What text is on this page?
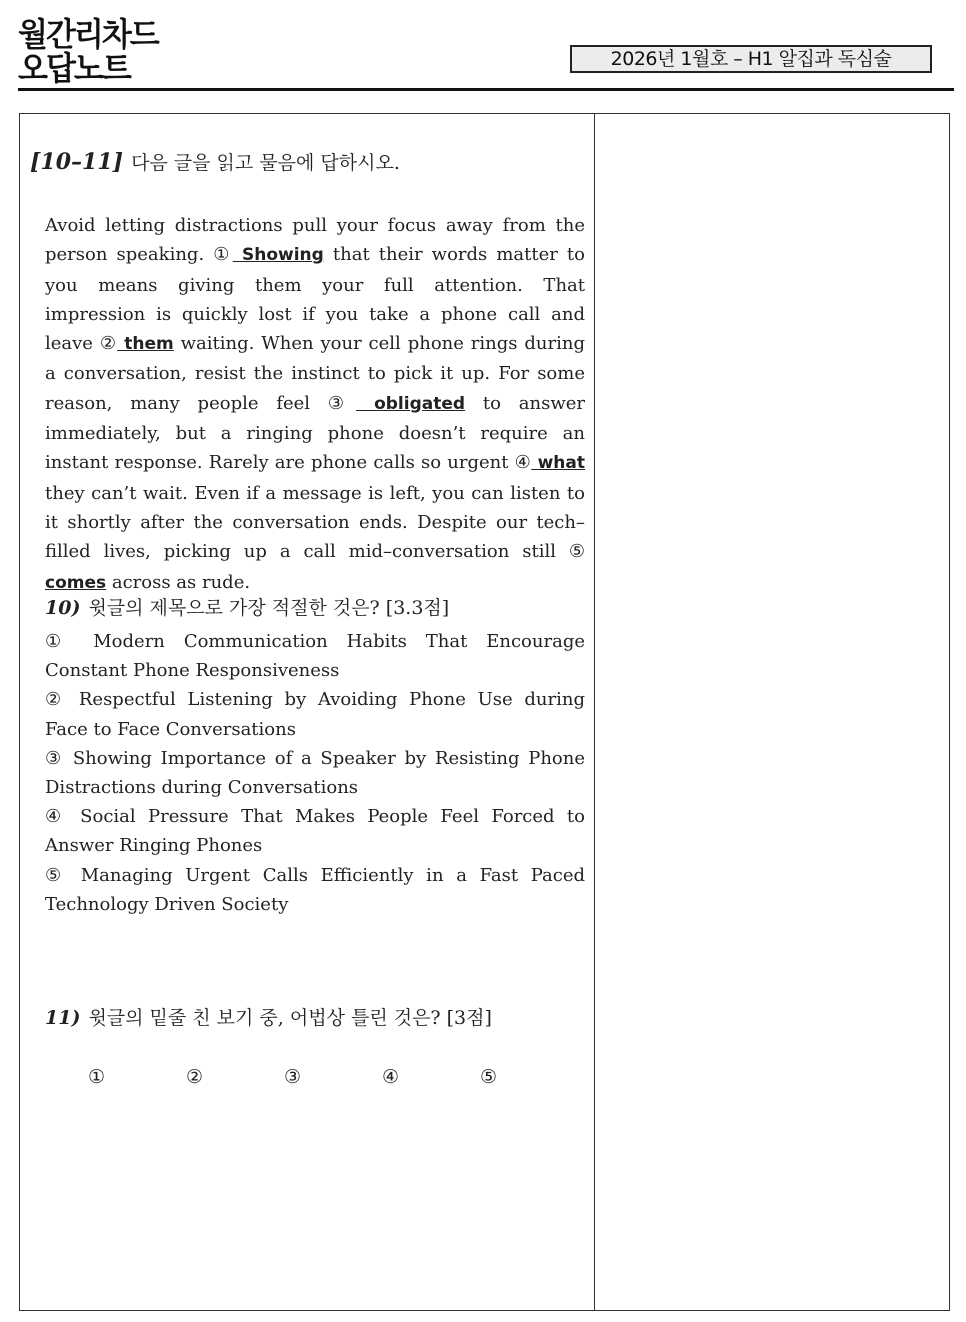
월간리차드
오답노트	2026년 1월호 – H1 알집과 독심술
[10–11] 다음 글을 읽고 물음에 답하시오.
Avoid letting distractions pull your focus away from the person speaking. ① Showing that their words matter to you means giving them your full attention. That impression is quickly lost if you take a phone call and leave ② them waiting. When your cell phone rings during a conversation, resist the instinct to pick it up. For some reason, many people feel ③ obligated to answer immediately, but a ringing phone doesn’t require an instant response. Rarely are phone calls so urgent ④ what they can’t wait. Even if a message is left, you can listen to it shortly after the conversation ends. Despite our tech–filled lives, picking up a call mid–conversation still ⑤ comes across as rude.
10) 윗글의 제목으로 가장 적절한 것은? [3.3점]
① Modern Communication Habits That Encourage Constant Phone Responsiveness
② Respectful Listening by Avoiding Phone Use during Face to Face Conversations
③ Showing Importance of a Speaker by Resisting Phone Distractions during Conversations
④ Social Pressure That Makes People Feel Forced to Answer Ringing Phones
⑤ Managing Urgent Calls Efficiently in a Fast Paced Technology Driven Society
11) 윗글의 밑줄 친 보기 중, 어법상 틀린 것은? [3점]
①	②	③	④	⑤
